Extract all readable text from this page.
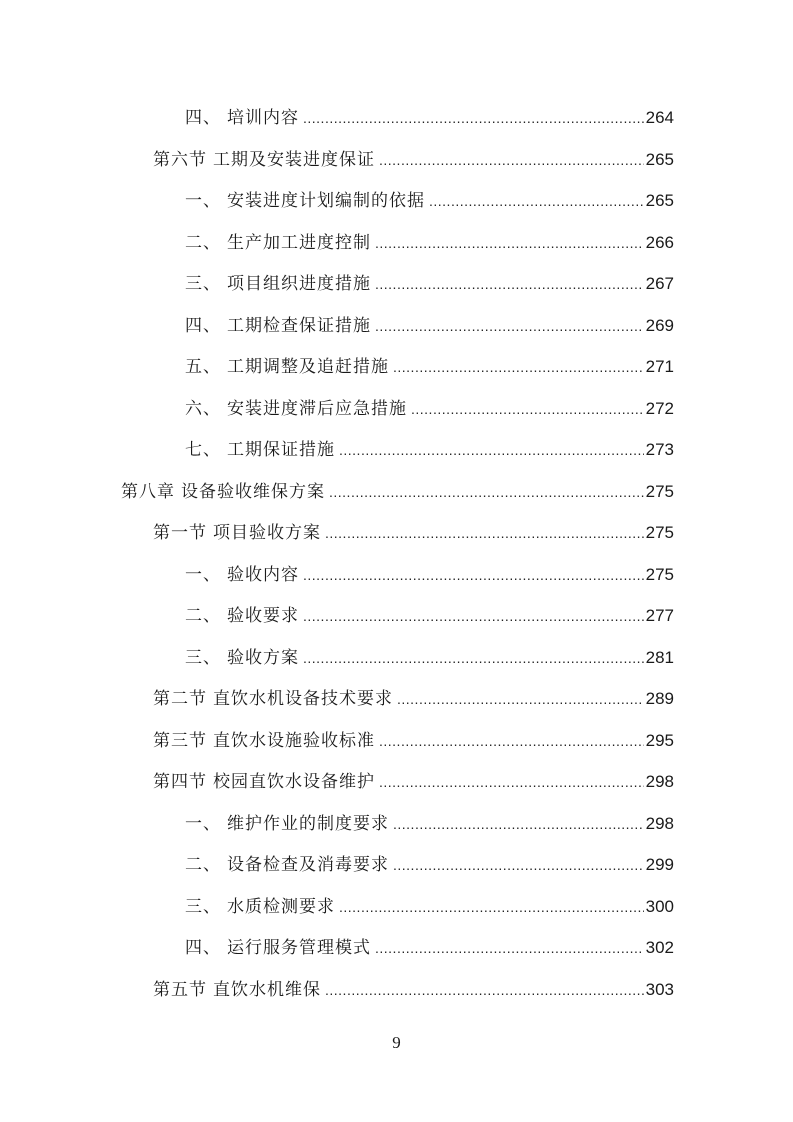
四、 培训内容 .....	264
第六节 工期及安装进度保证 .....	265
一、 安装进度计划编制的依据 .....	265
二、 生产加工进度控制 .....	266
三、 项目组织进度措施 .....	267
四、 工期检查保证措施 .....	269
五、 工期调整及追赶措施 .....	271
六、 安装进度滞后应急措施 .....	272
七、 工期保证措施 .....	273
第八章 设备验收维保方案 .....	275
第一节 项目验收方案 .....	275
一、 验收内容 .....	275
二、 验收要求 .....	277
三、 验收方案 .....	281
第二节 直饮水机设备技术要求 .....	289
第三节 直饮水设施验收标准 .....	295
第四节 校园直饮水设备维护 .....	298
一、 维护作业的制度要求 .....	298
二、 设备检查及消毒要求 .....	299
三、 水质检测要求 .....	300
四、 运行服务管理模式 .....	302
第五节 直饮水机维保 .....	303
9
